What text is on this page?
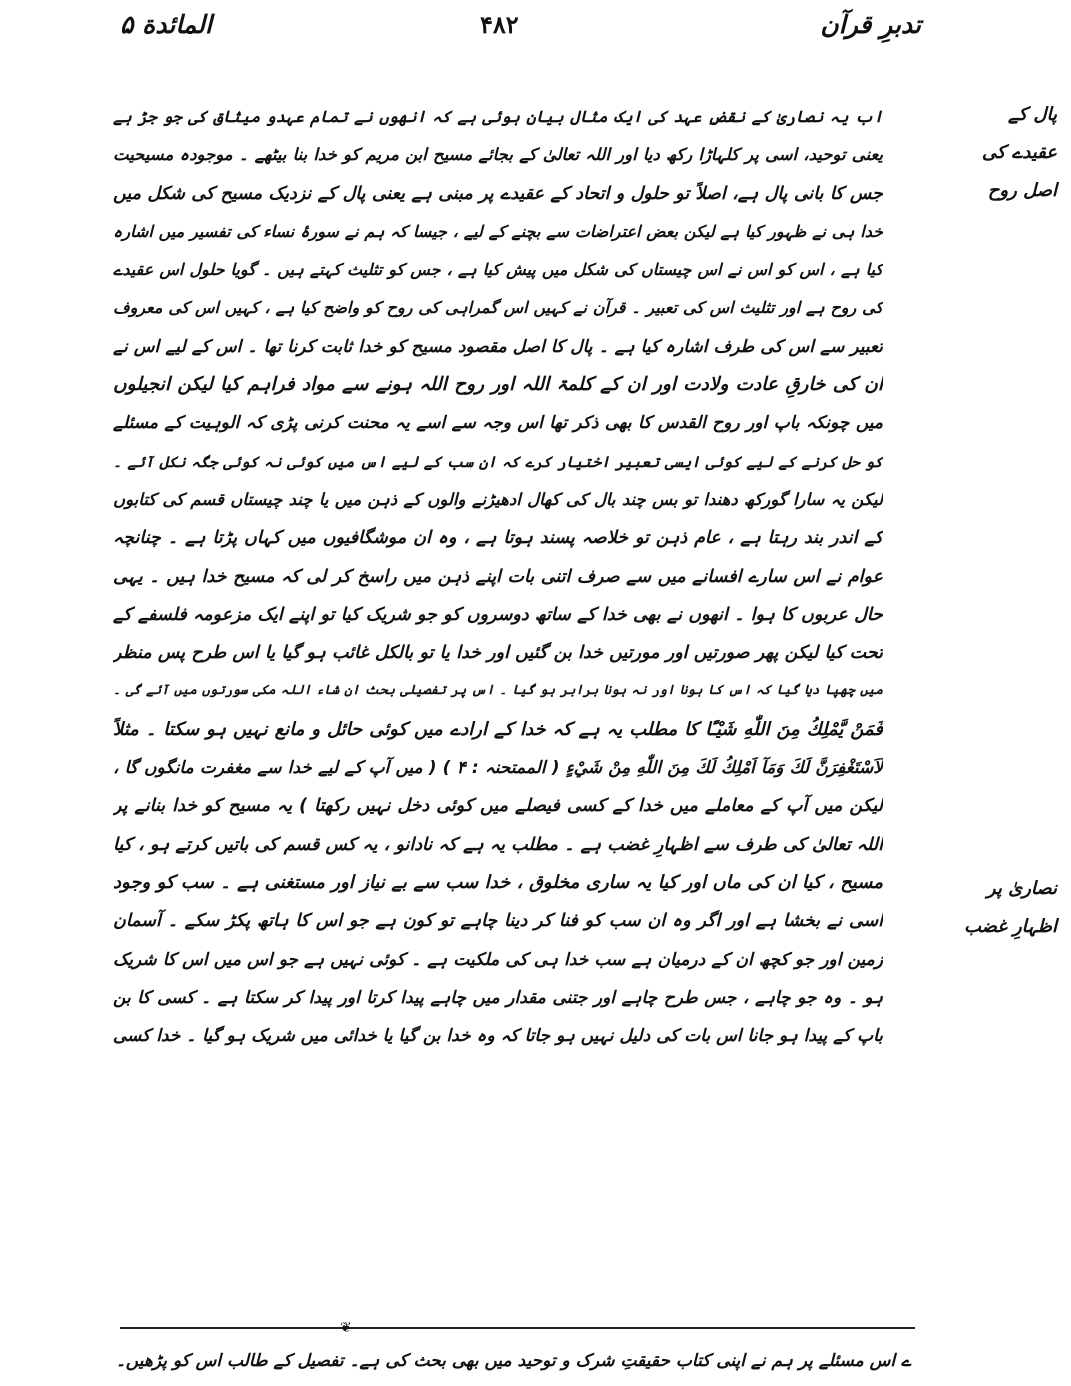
تدبرِ قرآن
۴۸۲
المائدة ۵
پال کے
عقیدے کی
اصل روح
نصاریٰ پر
اظہارِ غضب
اب یہ نصاریٰ کے نقضِ عہد کی ایک مثال بیان ہوئی ہے کہ انھوں نے تمام عہدو میثاق کی جو جڑ ہے
یعنی توحید، اسی پر کلہاڑا رکھ دیا اور اللہ تعالیٰ کے بجائے مسیح ابن مریم کو خدا بنا بیٹھے ۔ موجودہ مسیحیت
جس کا بانی پال ہے، اصلاً تو حلول و اتحاد کے عقیدے پر مبنی ہے یعنی پال کے نزدیک مسیح کی شکل میں
خدا ہی نے ظہور کیا ہے لیکن بعض اعتراضات سے بچنے کے لیے ، جیسا کہ ہم نے سورۂ نساء کی تفسیر میں اشارہ
کیا ہے ، اس کو اس نے اس چیستاں کی شکل میں پیش کیا ہے ، جس کو تثلیث کہتے ہیں ۔ گویا حلول اس عقیدے
کی روح ہے اور تثلیث اس کی تعبیر ۔ قرآن نے کہیں اس گمراہی کی روح کو واضح کیا ہے ، کہیں اس کی معروف
تعبیر سے اس کی طرف اشارہ کیا ہے ۔ پال کا اصل مقصود مسیح کو خدا ثابت کرنا تھا ۔ اس کے لیے اس نے
ان کی خارقِ عادت ولادت اور ان کے کلمۃ اللہ اور روح اللہ ہونے سے مواد فراہم کیا لیکن انجیلوں
میں چونکہ باپ اور روح القدس کا بھی ذکر تھا اس وجہ سے اسے یہ محنت کرنی پڑی کہ الوہیت کے مسئلے
کو حل کرنے کے لیے کوئی ایسی تعبیر اختیار کرے کہ ان سب کے لیے اس میں کوئی نہ کوئی جگہ نکل آئے ۔
لیکن یہ سارا گورکھ دھندا تو بس چند بال کی کھال ادھیڑنے والوں کے ذہن میں یا چند چیستاں قسم کی کتابوں
کے اندر بند رہتا ہے ، عام ذہن تو خلاصہ پسند ہوتا ہے ، وہ ان موشگافیوں میں کہاں پڑتا ہے ۔ چنانچہ
عوام نے اس سارے افسانے میں سے صرف اتنی بات اپنے ذہن میں راسخ کر لی کہ مسیح خدا ہیں ۔ یہی
حال عربوں کا ہوا ۔ انھوں نے بھی خدا کے ساتھ دوسروں کو جو شریک کیا تو اپنے ایک مزعومہ فلسفے کے
تحت کیا لیکن پھر صورتیں اور مورتیں خدا بن گئیں اور خدا یا تو بالکل غائب ہو گیا یا اس طرح پس منظر
میں چھپا دیا گیا کہ اس کا ہونا اور نہ ہونا برابر ہو گیا ۔ اس پر تفصیلی بحث ان شاء اللہ مکی سورتوں میں آئے گی ۔
فَمَنْ يَّمْلِكُ مِنَ اللّٰهِ شَيْـًٔا کا مطلب یہ ہے کہ خدا کے ارادے میں کوئی حائل و مانع نہیں ہو سکتا ۔ مثلاً
لَاَسْتَغْفِرَنَّ لَكَ وَمَآ اَمْلِكُ لَكَ مِنَ اللّٰهِ مِنْ شَيْءٍ ( الممتحنہ : ۴ ) ( میں آپ کے لیے خدا سے مغفرت مانگوں گا ،
لیکن میں آپ کے معاملے میں خدا کے کسی فیصلے میں کوئی دخل نہیں رکھتا ) یہ مسیح کو خدا بنانے پر
اللہ تعالیٰ کی طرف سے اظہارِ غضب ہے ۔ مطلب یہ ہے کہ نادانو ، یہ کس قسم کی باتیں کرتے ہو ، کیا
مسیح ، کیا ان کی ماں اور کیا یہ ساری مخلوق ، خدا سب سے بے نیاز اور مستغنی ہے ۔ سب کو وجود
اسی نے بخشا ہے اور اگر وہ ان سب کو فنا کر دینا چاہے تو کون ہے جو اس کا ہاتھ پکڑ سکے ۔ آسمان
زمین اور جو کچھ ان کے درمیان ہے سب خدا ہی کی ملکیت ہے ۔ کوئی نہیں ہے جو اس میں اس کا شریک
ہو ۔ وہ جو چاہے ، جس طرح چاہے اور جتنی مقدار میں چاہے پیدا کرتا اور پیدا کر سکتا ہے ۔ کسی کا بن
باپ کے پیدا ہو جانا اس بات کی دلیل نہیں ہو جاتا کہ وہ خدا بن گیا یا خدائی میں شریک ہو گیا ۔ خدا کسی
❦
ے اس مسئلے پر ہم نے اپنی کتاب حقیقتِ شرک و توحید میں بھی بحث کی ہے۔ تفصیل کے طالب اس کو پڑھیں۔
